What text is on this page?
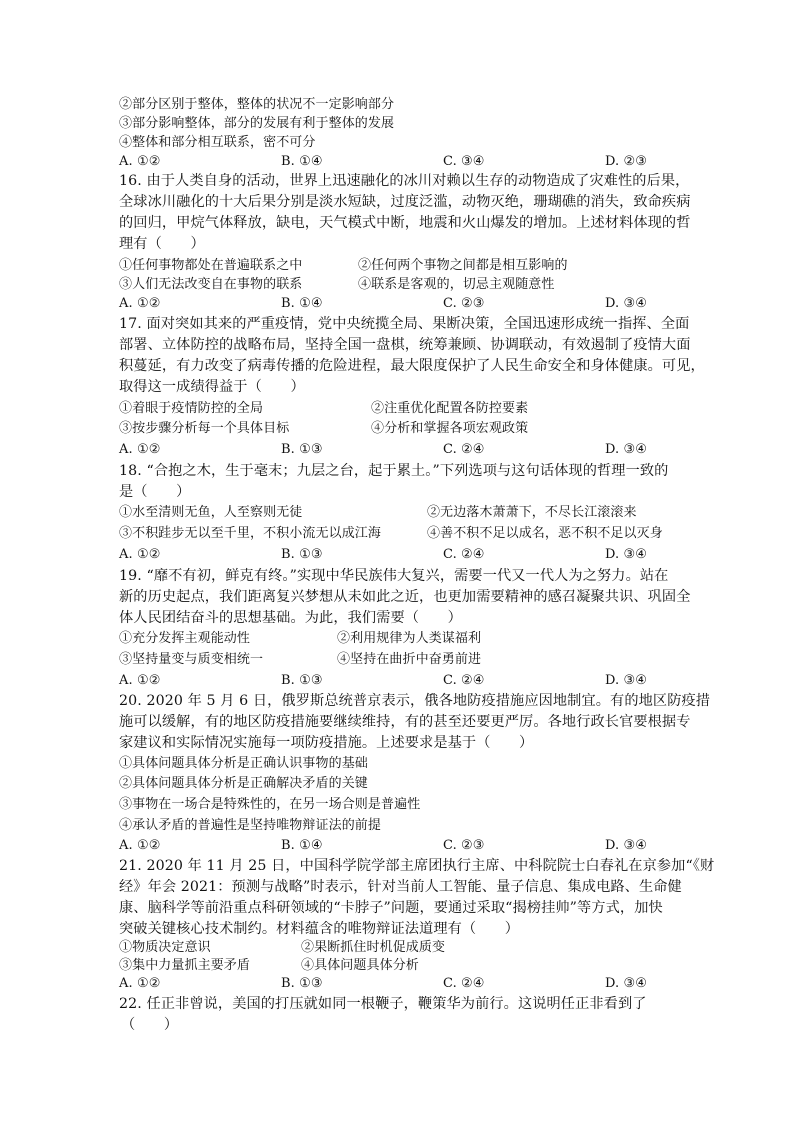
②部分区别于整体，整体的状况不一定影响部分
③部分影响整体，部分的发展有利于整体的发展
④整体和部分相互联系，密不可分
A. ①②	B. ①④	C. ③④	D. ②③
16. 由于人类自身的活动，世界上迅速融化的冰川对赖以生存的动物造成了灾难性的后果，
全球冰川融化的十大后果分别是淡水短缺，过度泛滥，动物灭绝，珊瑚礁的消失，致命疾病
的回归，甲烷气体释放，缺电，天气模式中断，地震和火山爆发的增加。上述材料体现的哲
理有（　　）
①任何事物都处在普遍联系之中	②任何两个事物之间都是相互影响的
③人们无法改变自在事物的联系	④联系是客观的，切忌主观随意性
A. ①②	B. ①④	C. ②③	D. ③④
17. 面对突如其来的严重疫情，党中央统揽全局、果断决策，全国迅速形成统一指挥、全面
部署、立体防控的战略布局，坚持全国一盘棋，统筹兼顾、协调联动，有效遏制了疫情大面
积蔓延，有力改变了病毒传播的危险进程，最大限度保护了人民生命安全和身体健康。可见，
取得这一成绩得益于（　　）
①着眼于疫情防控的全局	②注重优化配置各防控要素
③按步骤分析每一个具体目标	④分析和掌握各项宏观政策
A. ①②	B. ①③	C. ②④	D. ③④
18. “合抱之木，生于毫末；九层之台，起于累土。”下列选项与这句话体现的哲理一致的
是（　　）
①水至清则无鱼，人至察则无徒	②无边落木萧萧下，不尽长江滚滚来
③不积跬步无以至千里，不积小流无以成江海	④善不积不足以成名，恶不积不足以灭身
A. ①②	B. ①③	C. ②④	D. ③④
19. “靡不有初，鲜克有终。”实现中华民族伟大复兴，需要一代又一代人为之努力。站在
新的历史起点，我们距离复兴梦想从未如此之近，也更加需要精神的感召凝聚共识、巩固全
体人民团结奋斗的思想基础。为此，我们需要（　　）
①充分发挥主观能动性	②利用规律为人类谋福利
③坚持量变与质变相统一	④坚持在曲折中奋勇前进
A. ①②	B. ①③	C. ②④	D. ③④
20. 2020 年 5 月 6 日，俄罗斯总统普京表示，俄各地防疫措施应因地制宜。有的地区防疫措
施可以缓解，有的地区防疫措施要继续维持，有的甚至还要更严厉。各地行政长官要根据专
家建议和实际情况实施每一项防疫措施。上述要求是基于（　　）
①具体问题具体分析是正确认识事物的基础
②具体问题具体分析是正确解决矛盾的关键
③事物在一场合是特殊性的，在另一场合则是普遍性
④承认矛盾的普遍性是坚持唯物辩证法的前提
A. ①②	B. ①④	C. ②③	D. ③④
21. 2020 年 11 月 25 日，中国科学院学部主席团执行主席、中科院院士白春礼在京参加“《财
经》年会 2021：预测与战略”时表示，针对当前人工智能、量子信息、集成电路、生命健
康、脑科学等前沿重点科研领域的“卡脖子”问题，要通过采取“揭榜挂帅”等方式，加快
突破关键核心技术制约。材料蕴含的唯物辩证法道理有（　　）
①物质决定意识	②果断抓住时机促成质变
③集中力量抓主要矛盾	④具体问题具体分析
A. ①②	B. ①③	C. ②④	D. ③④
22. 任正非曾说，美国的打压就如同一根鞭子，鞭策华为前行。这说明任正非看到了
（　　）
